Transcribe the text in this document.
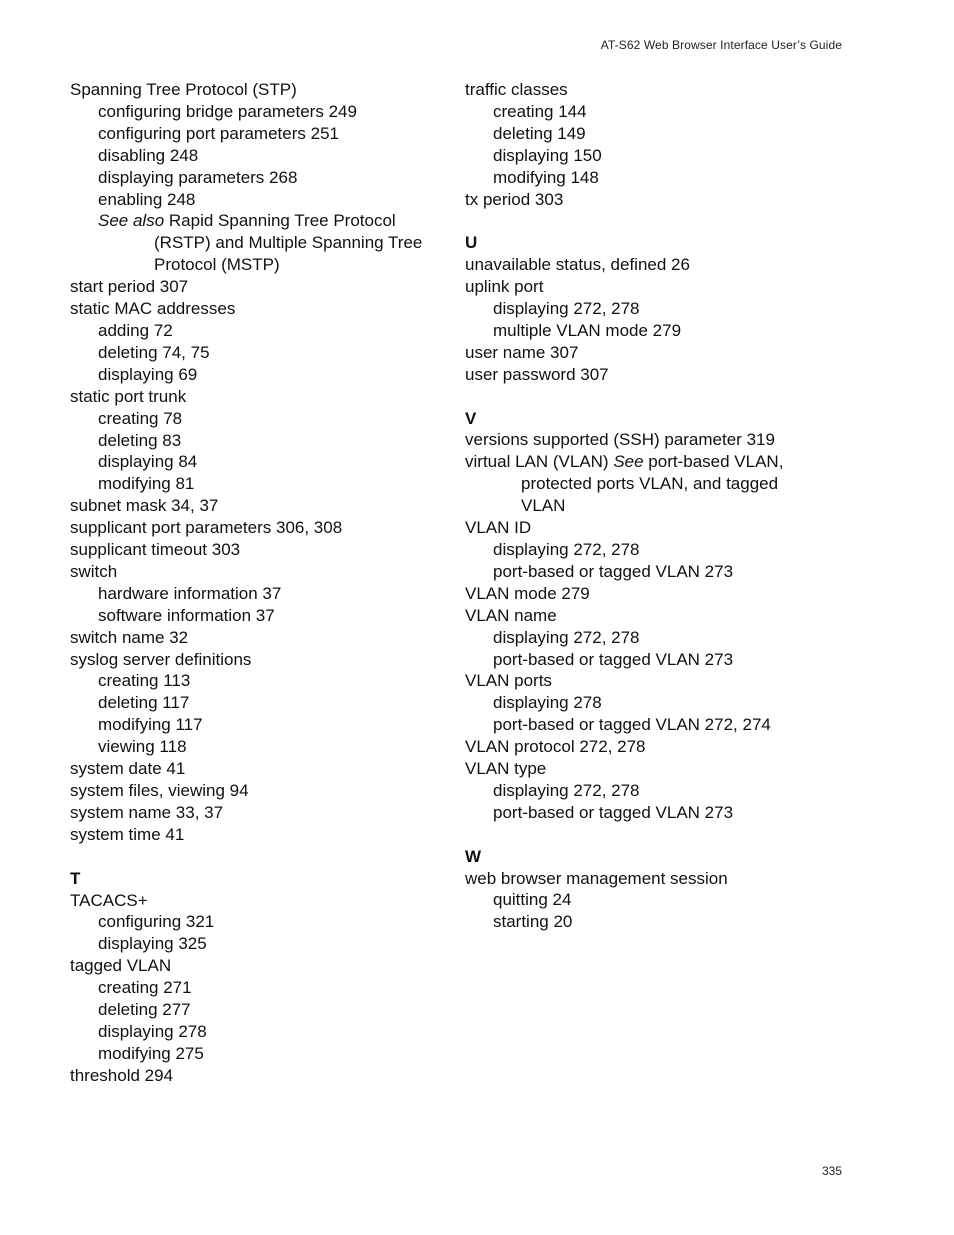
AT-S62 Web Browser Interface User’s Guide
Spanning Tree Protocol (STP)
configuring bridge parameters 249
configuring port parameters 251
disabling 248
displaying parameters 268
enabling 248
See also Rapid Spanning Tree Protocol
(RSTP) and Multiple Spanning Tree
Protocol (MSTP)
start period 307
static MAC addresses
adding 72
deleting 74, 75
displaying 69
static port trunk
creating 78
deleting 83
displaying 84
modifying 81
subnet mask 34, 37
supplicant port parameters 306, 308
supplicant timeout 303
switch
hardware information 37
software information 37
switch name 32
syslog server definitions
creating 113
deleting 117
modifying 117
viewing 118
system date 41
system files, viewing 94
system name 33, 37
system time 41
T
TACACS+
configuring 321
displaying 325
tagged VLAN
creating 271
deleting 277
displaying 278
modifying 275
threshold 294
traffic classes
creating 144
deleting 149
displaying 150
modifying 148
tx period 303
U
unavailable status, defined 26
uplink port
displaying 272, 278
multiple VLAN mode 279
user name 307
user password 307
V
versions supported (SSH) parameter 319
virtual LAN (VLAN) See port-based VLAN,
protected ports VLAN, and tagged
VLAN
VLAN ID
displaying 272, 278
port-based or tagged VLAN 273
VLAN mode 279
VLAN name
displaying 272, 278
port-based or tagged VLAN 273
VLAN ports
displaying 278
port-based or tagged VLAN 272, 274
VLAN protocol 272, 278
VLAN type
displaying 272, 278
port-based or tagged VLAN 273
W
web browser management session
quitting 24
starting 20
335
